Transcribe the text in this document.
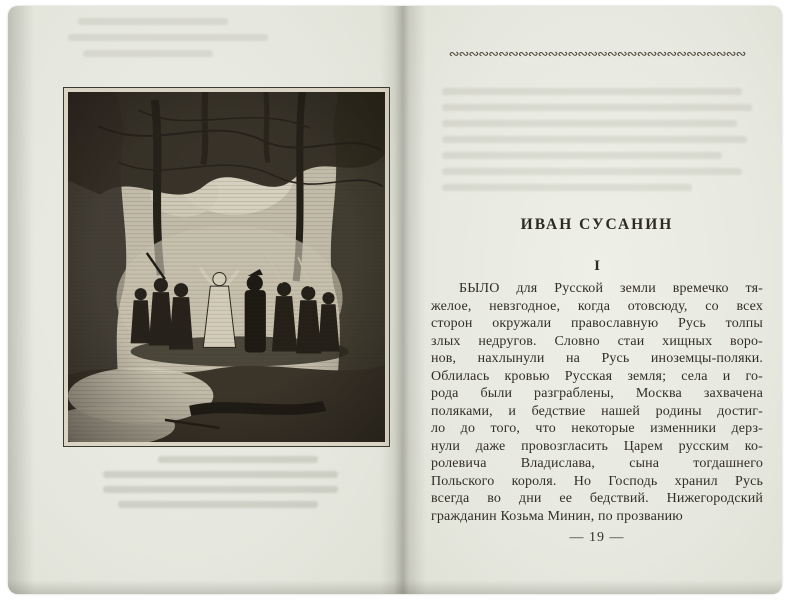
∾∾∾∾∾∾∾∾∾∾∾∾∾∾∾∾∾∾∾∾∾∾∾∾∾∾∾∾∾∾
ИВАН СУСАНИН
I
БЫЛО для Русской земли времечко тя-
желое, невзгодное, когда отовсюду, со всех
сторон окружали православную Русь толпы
злых недругов. Словно стаи хищных воро-
нов, нахлынули на Русь иноземцы-поляки.
Облилась кровью Русская земля; села и го-
рода были разграблены, Москва захвачена
поляками, и бедствие нашей родины достиг-
ло до того, что некоторые изменники дерз-
нули даже провозгласить Царем русским ко-
ролевича Владислава, сына тогдашнего
Польского короля. Но Господь хранил Русь
всегда во дни ее бедствий. Нижегородский
гражданин Козьма Минин, по прозванию
— 19 —
